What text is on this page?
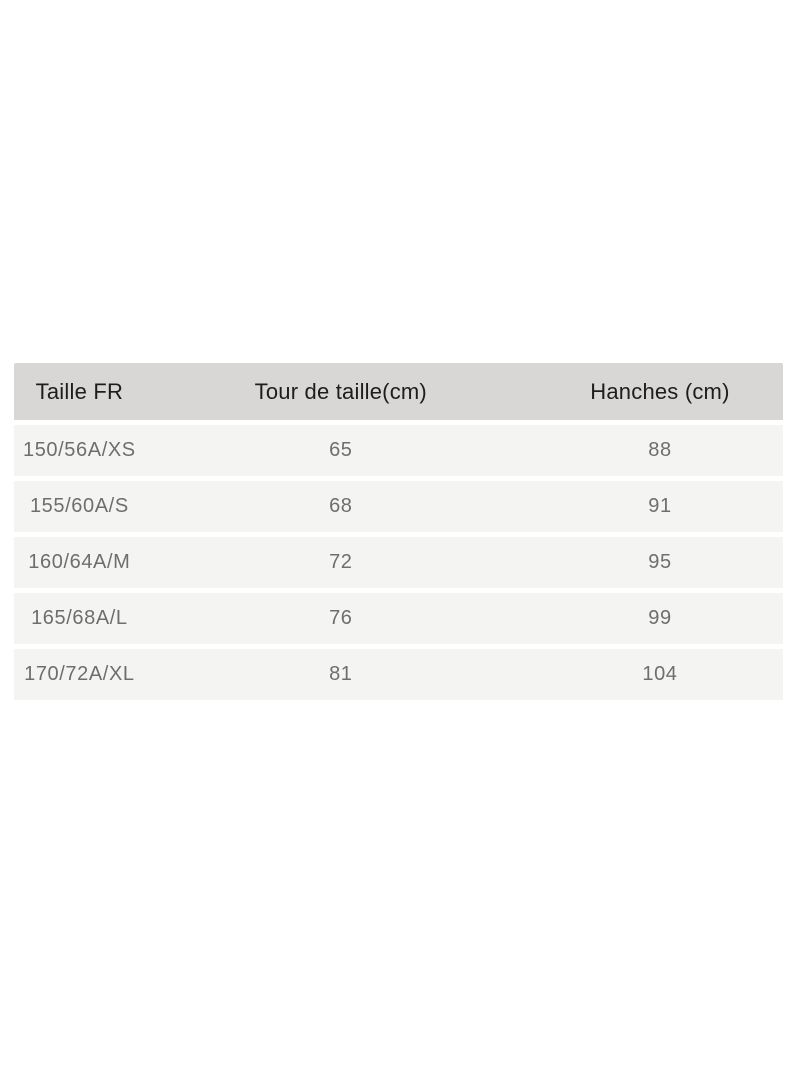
Taille FR	Tour de taille(cm)	Hanches (cm)
150/56A/XS	65	88
155/60A/S	68	91
160/64A/M	72	95
165/68A/L	76	99
170/72A/XL	81	104
